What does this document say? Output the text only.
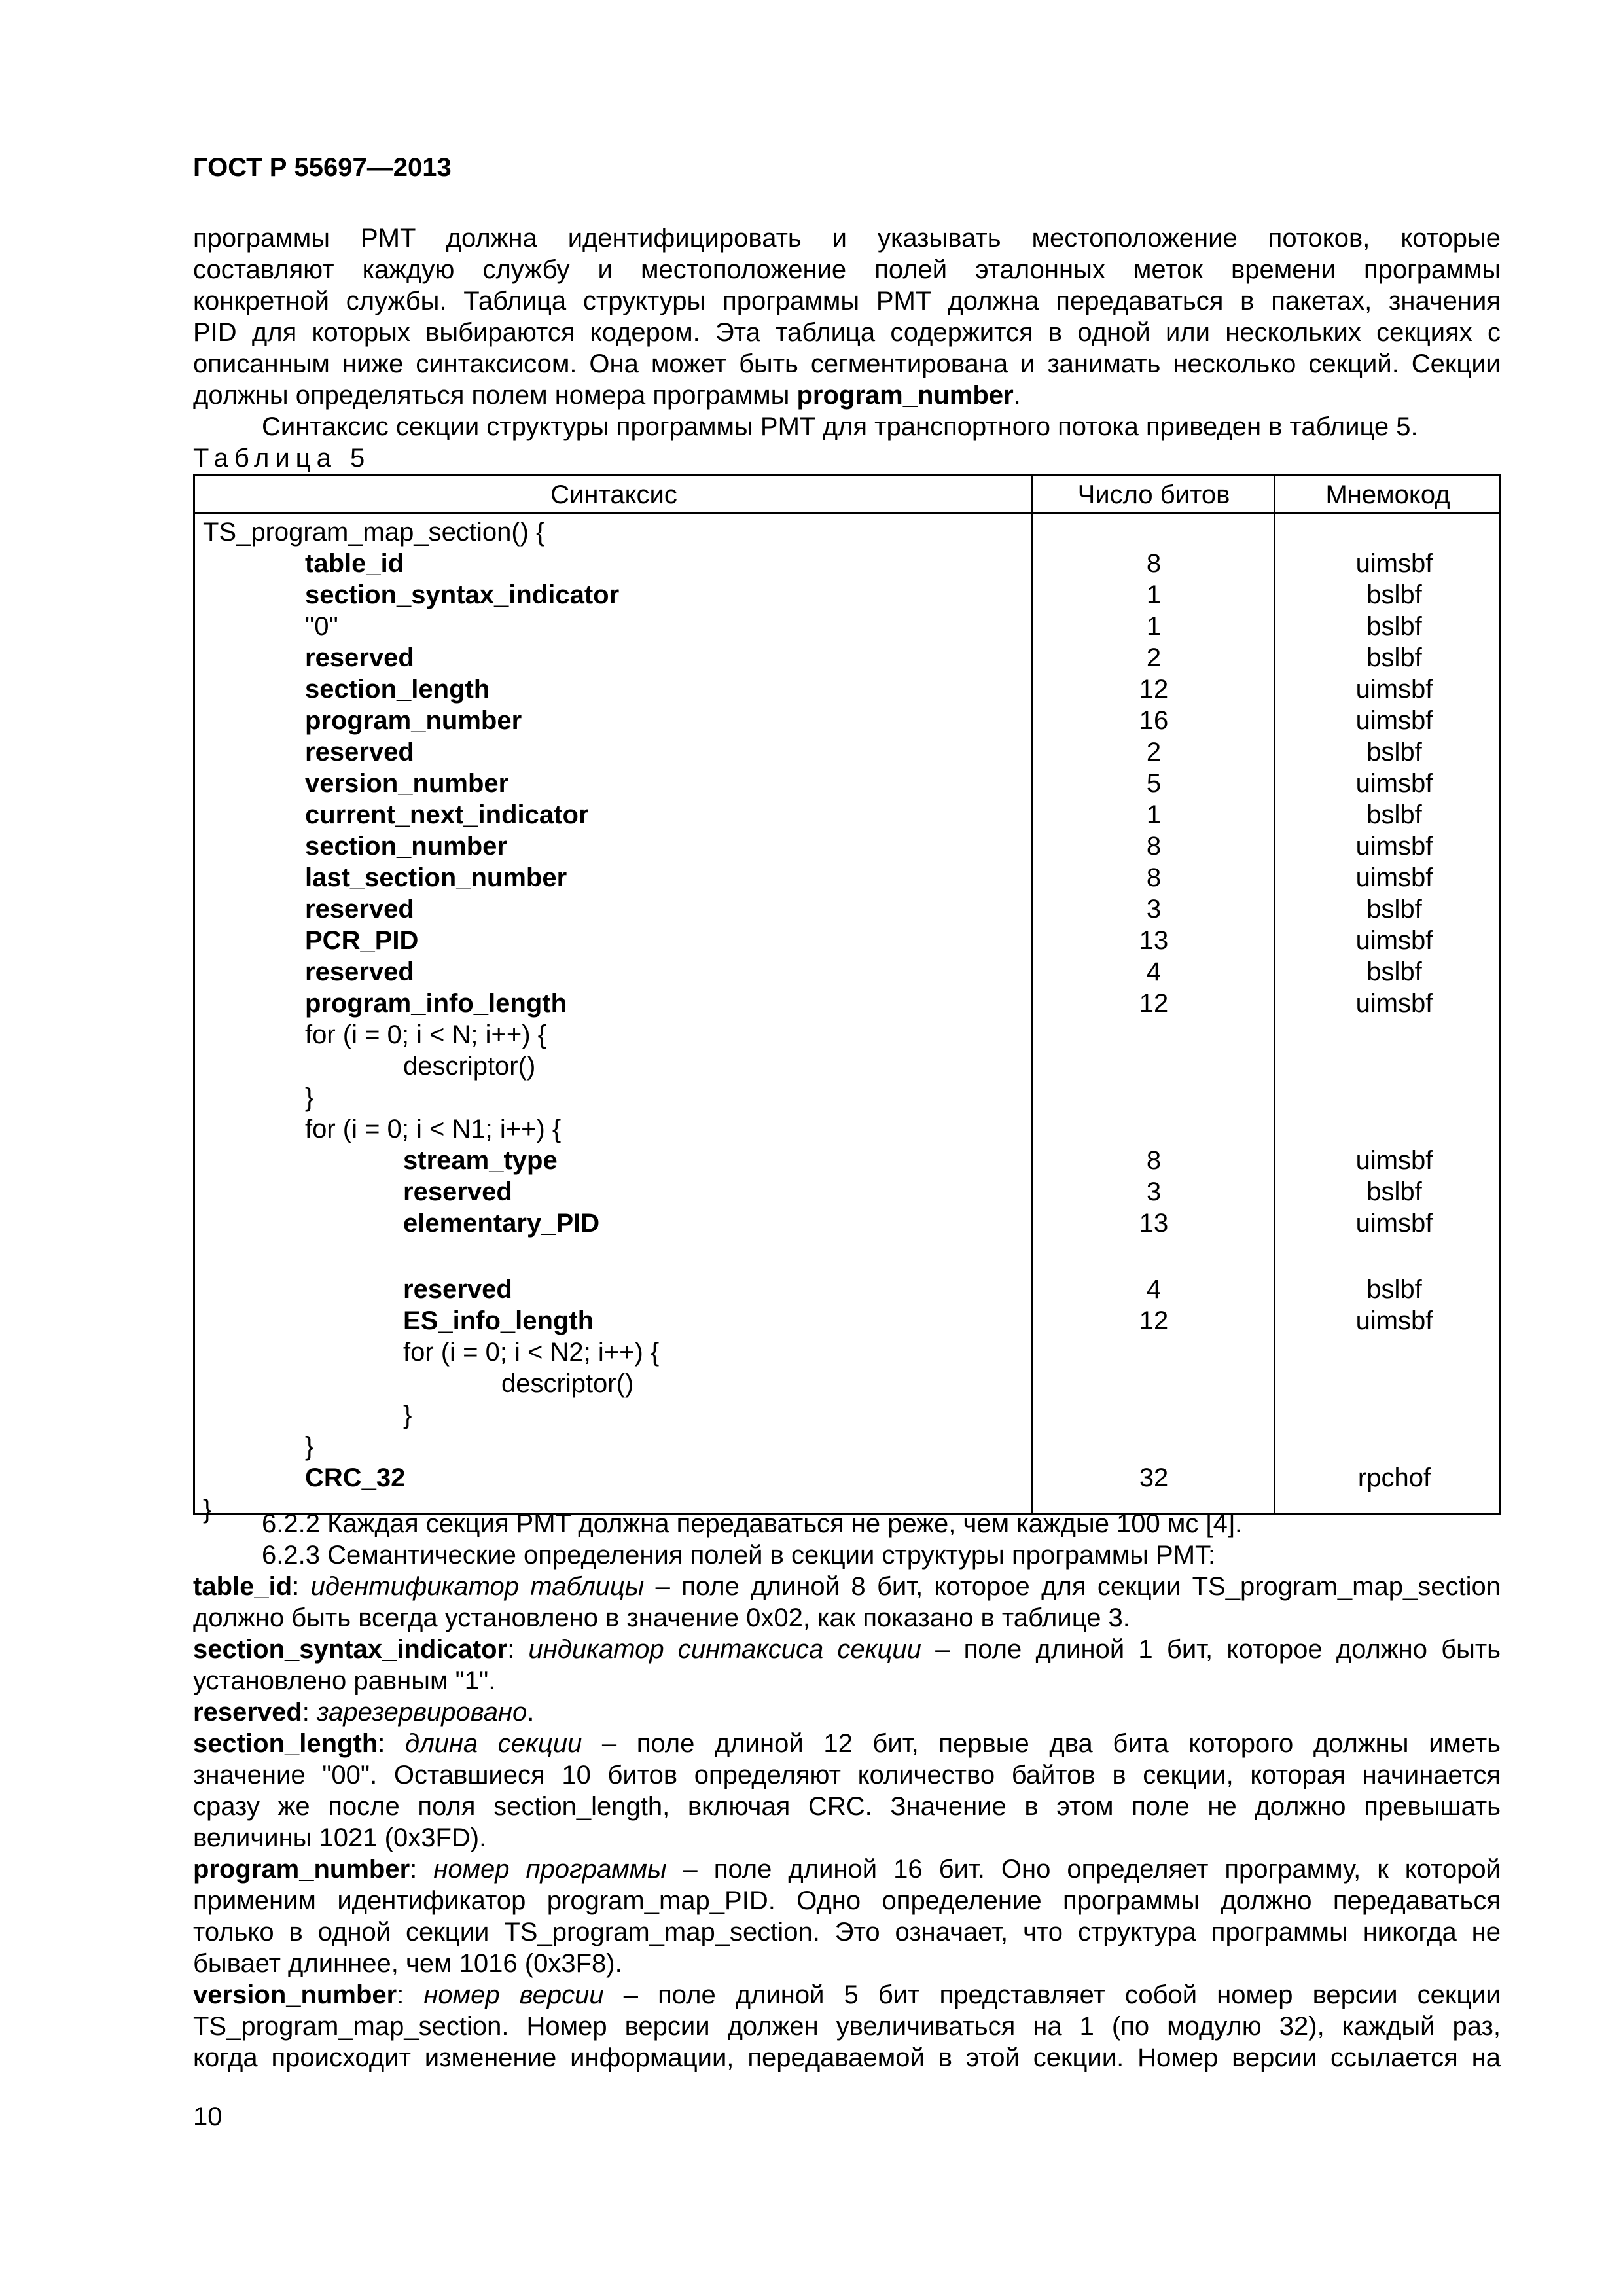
ГОСТ Р 55697—2013
программы PMT должна идентифицировать и указывать местоположение потоков, которые
составляют каждую службу и местоположение полей эталонных меток времени программы
конкретной службы. Таблица структуры программы PMT должна передаваться в пакетах, значения
PID для которых выбираются кодером. Эта таблица содержится в одной или нескольких секциях с
описанным ниже синтаксисом. Она может быть сегментирована и занимать несколько секций. Секции
должны определяться полем номера программы program_number.
Синтаксис секции структуры программы PMT для транспортного потока приведен в таблице 5.
Таблица 5
Синтаксис	Число битов	Мнемокод
TS_program_map_section() {
table_id	8	uimsbf
section_syntax_indicator	1	bslbf
"0"	1	bslbf
reserved	2	bslbf
section_length	12	uimsbf
program_number	16	uimsbf
reserved	2	bslbf
version_number	5	uimsbf
current_next_indicator	1	bslbf
section_number	8	uimsbf
last_section_number	8	uimsbf
reserved	3	bslbf
PCR_PID	13	uimsbf
reserved	4	bslbf
program_info_length	12	uimsbf
for (i = 0; i < N; i++) {
descriptor()
}
for (i = 0; i < N1; i++) {
stream_type	8	uimsbf
reserved	3	bslbf
elementary_PID	13	uimsbf
reserved	4	bslbf
ES_info_length	12	uimsbf
for (i = 0; i < N2; i++) {
descriptor()
}
}
CRC_32	32	rpchof
}	6.2.2 Каждая секция PMT должна передаваться не реже, чем каждые 100 мс [4].
6.2.3 Семантические определения полей в секции структуры программы PMT:
table_id: идентификатор таблицы – поле длиной 8 бит, которое для секции TS_program_map_section
должно быть всегда установлено в значение 0x02, как показано в таблице 3.
section_syntax_indicator: индикатор синтаксиса секции – поле длиной 1 бит, которое должно быть
установлено равным "1".
reserved: зарезервировано.
section_length: длина секции – поле длиной 12 бит, первые два бита которого должны иметь
значение "00". Оставшиеся 10 битов определяют количество байтов в секции, которая начинается
сразу же после поля section_length, включая CRC. Значение в этом поле не должно превышать
величины 1021 (0x3FD).
program_number: номер программы – поле длиной 16 бит. Оно определяет программу, к которой
применим идентификатор program_map_PID. Одно определение программы должно передаваться
только в одной секции TS_program_map_section. Это означает, что структура программы никогда не
бывает длиннее, чем 1016 (0x3F8).
version_number: номер версии – поле длиной 5 бит представляет собой номер версии секции
TS_program_map_section. Номер версии должен увеличиваться на 1 (по модулю 32), каждый раз,
когда происходит изменение информации, передаваемой в этой секции. Номер версии ссылается на
10
